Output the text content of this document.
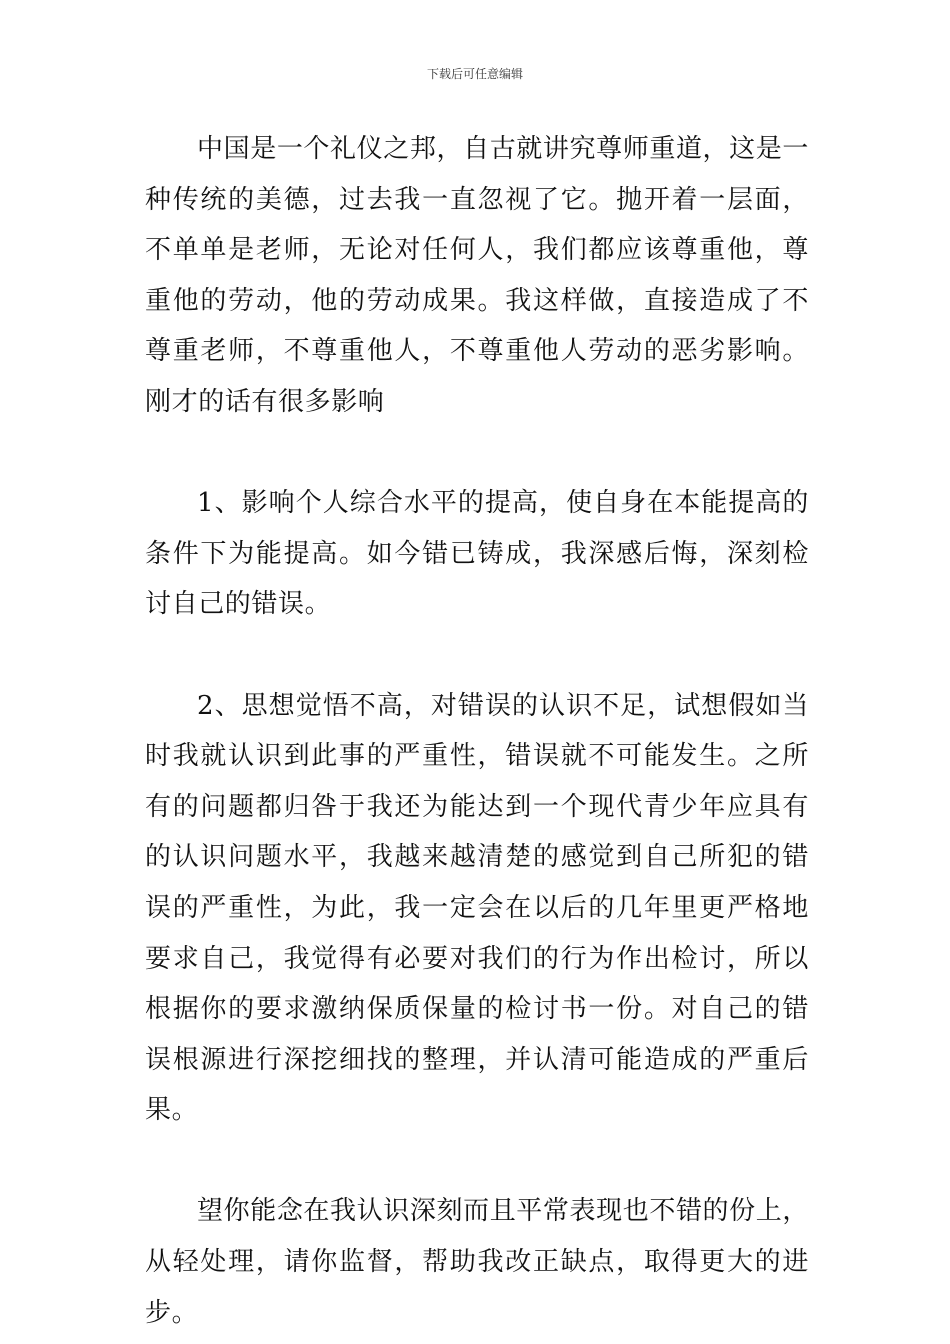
下载后可任意编辑

中国是一个礼仪之邦，自古就讲究尊师重道，这是一种传统的美德，过去我一直忽视了它。抛开着一层面，不单单是老师，无论对任何人，我们都应该尊重他，尊重他的劳动，他的劳动成果。我这样做，直接造成了不尊重老师，不尊重他人，不尊重他人劳动的恶劣影响。刚才的话有很多影响

1、影响个人综合水平的提高，使自身在本能提高的条件下为能提高。如今错已铸成，我深感后悔，深刻检讨自己的错误。

2、思想觉悟不高，对错误的认识不足，试想假如当时我就认识到此事的严重性，错误就不可能发生。之所有的问题都归咎于我还为能达到一个现代青少年应具有的认识问题水平，我越来越清楚的感觉到自己所犯的错误的严重性，为此，我一定会在以后的几年里更严格地要求自己，我觉得有必要对我们的行为作出检讨，所以根据你的要求激纳保质保量的检讨书一份。对自己的错误根源进行深挖细找的整理，并认清可能造成的严重后果。

望你能念在我认识深刻而且平常表现也不错的份上，从轻处理，请你监督，帮助我改正缺点，取得更大的进步。
